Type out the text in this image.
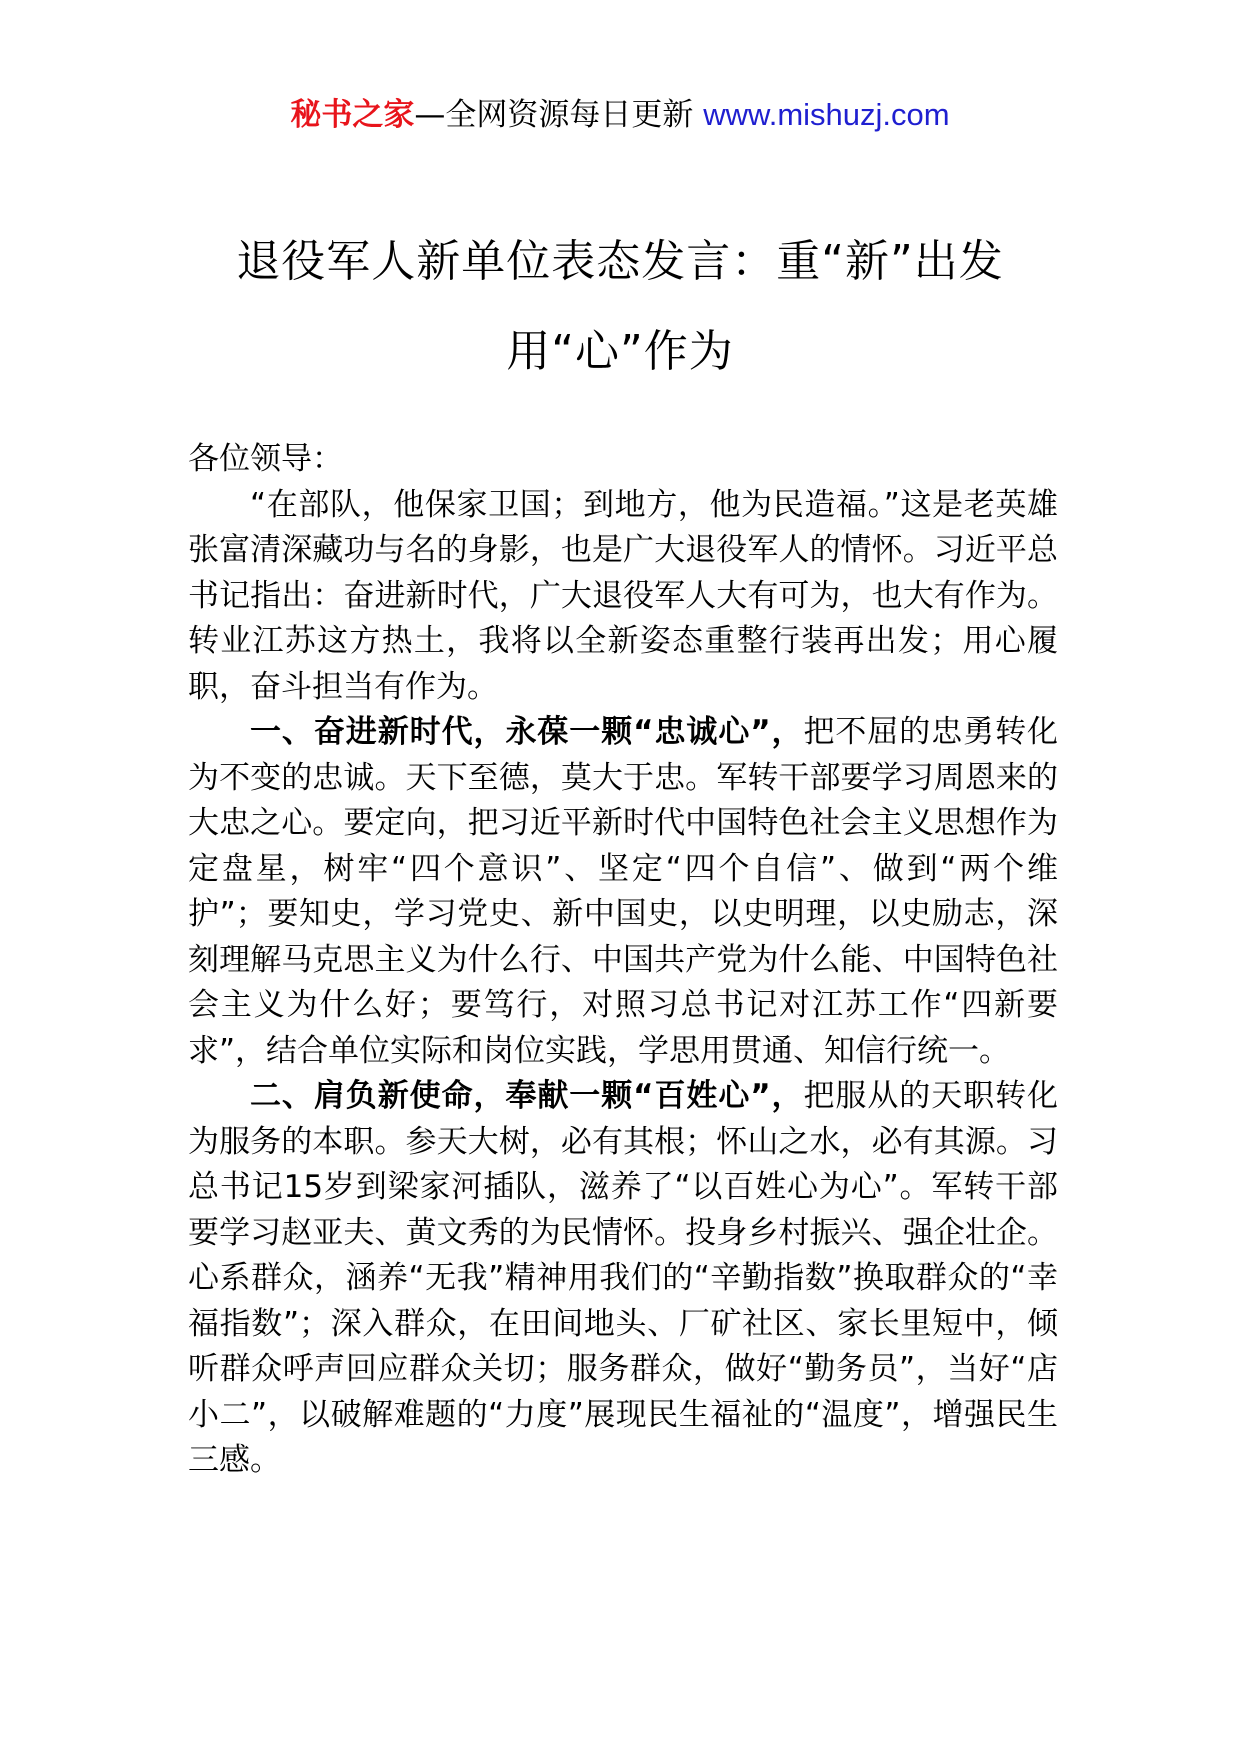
秘书之家—全网资源每日更新 www.mishuzj.com
退役军人新单位表态发言：重“新”出发
用“心”作为

各位领导：

“在部队，他保家卫国；到地方，他为民造福。”这是老英雄张富清深藏功与名的身影，也是广大退役军人的情怀。习近平总书记指出：奋进新时代，广大退役军人大有可为，也大有作为。转业江苏这方热土，我将以全新姿态重整行装再出发；用心履职，奋斗担当有作为。

一、奋进新时代，永葆一颗“忠诚心”，把不屈的忠勇转化为不变的忠诚。天下至德，莫大于忠。军转干部要学习周恩来的大忠之心。要定向，把习近平新时代中国特色社会主义思想作为定盘星，树牢“四个意识”、坚定“四个自信”、做到“两个维护”；要知史，学习党史、新中国史，以史明理，以史励志，深刻理解马克思主义为什么行、中国共产党为什么能、中国特色社会主义为什么好；要笃行，对照习总书记对江苏工作“四新要求”，结合单位实际和岗位实践，学思用贯通、知信行统一。

二、肩负新使命，奉献一颗“百姓心”，把服从的天职转化为服务的本职。参天大树，必有其根；怀山之水，必有其源。习总书记15岁到梁家河插队，滋养了“以百姓心为心”。军转干部要学习赵亚夫、黄文秀的为民情怀。投身乡村振兴、强企壮企。心系群众，涵养“无我”精神用我们的“辛勤指数”换取群众的“幸福指数”；深入群众，在田间地头、厂矿社区、家长里短中，倾听群众呼声回应群众关切；服务群众，做好“勤务员”，当好“店小二”，以破解难题的“力度”展现民生福祉的“温度”，增强民生三感。
